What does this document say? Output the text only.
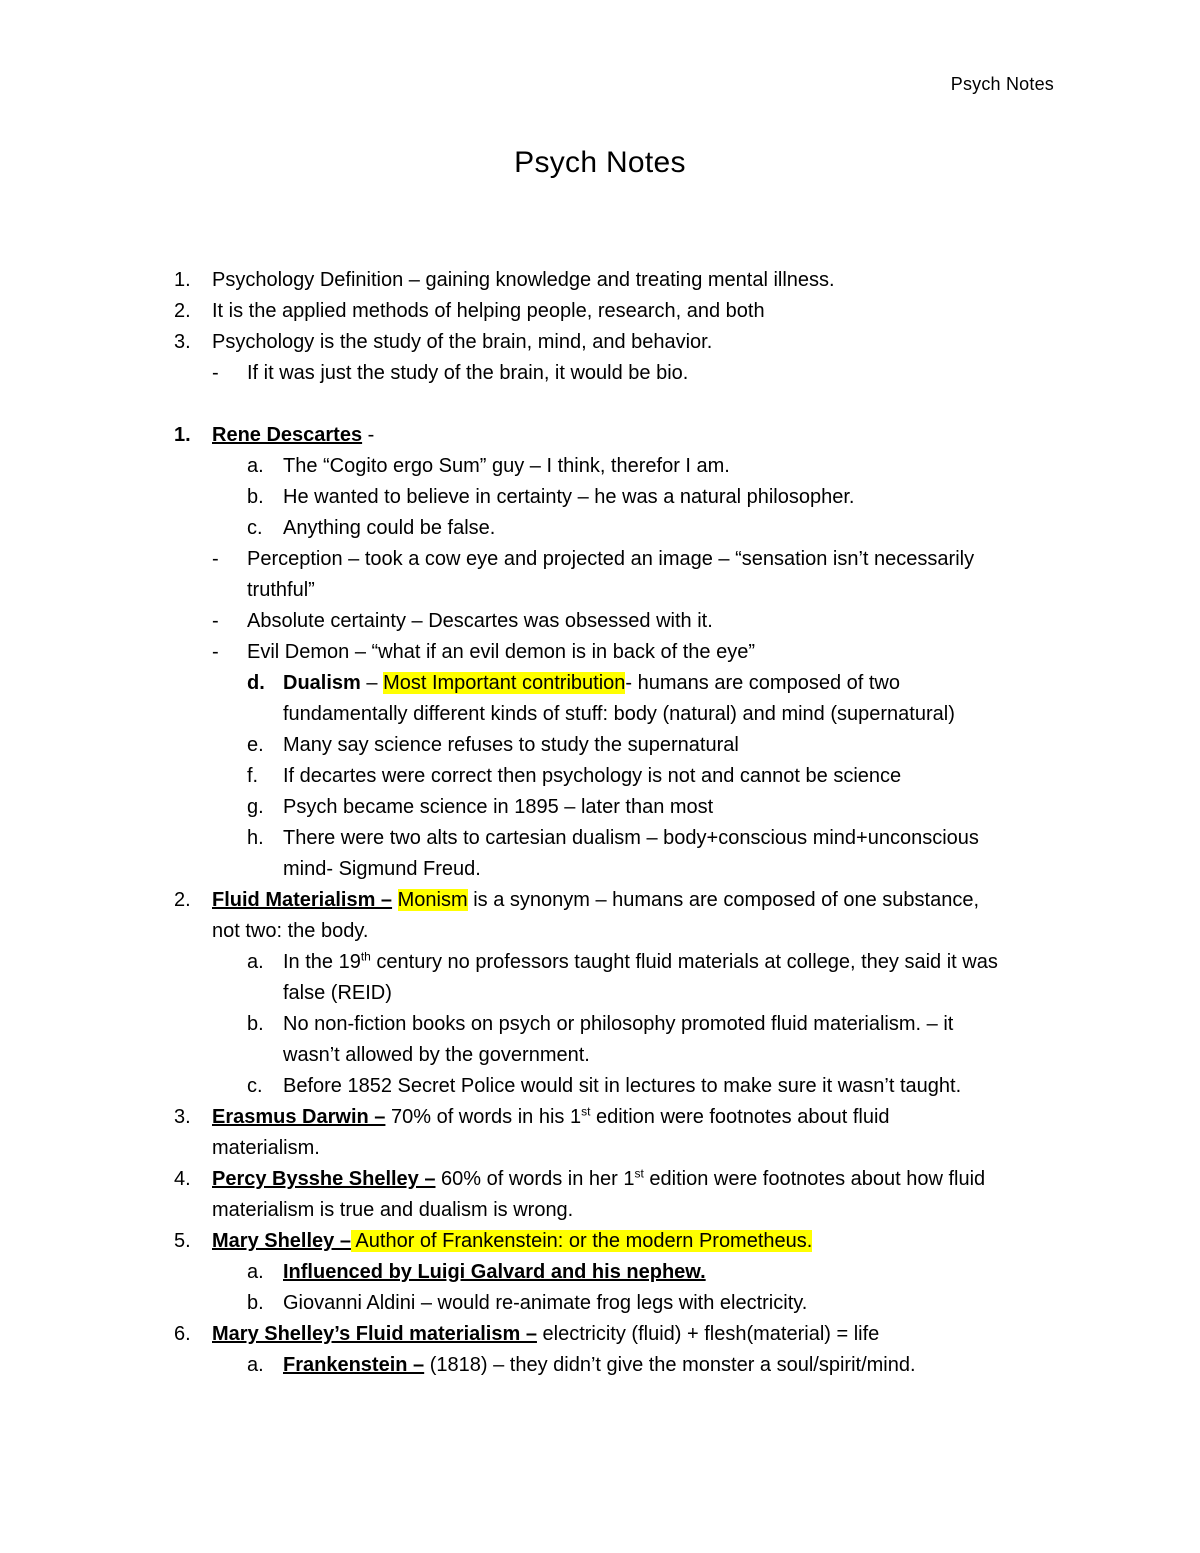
Psych Notes
Psych Notes
1. Psychology Definition – gaining knowledge and treating mental illness.
2. It is the applied methods of helping people, research, and both
3. Psychology is the study of the brain, mind, and behavior.
- If it was just the study of the brain, it would be bio.
1. Rene Descartes -
a. The “Cogito ergo Sum” guy – I think, therefor I am.
b. He wanted to believe in certainty – he was a natural philosopher.
c. Anything could be false.
- Perception – took a cow eye and projected an image – “sensation isn’t necessarily
truthful”
- Absolute certainty – Descartes was obsessed with it.
- Evil Demon – “what if an evil demon is in back of the eye”
d. Dualism – Most Important contribution- humans are composed of two
fundamentally different kinds of stuff: body (natural) and mind (supernatural)
e. Many say science refuses to study the supernatural
f. If decartes were correct then psychology is not and cannot be science
g. Psych became science in 1895 – later than most
h. There were two alts to cartesian dualism – body+conscious mind+unconscious
mind- Sigmund Freud.
2. Fluid Materialism – Monism is a synonym – humans are composed of one substance,
not two: the body.
a. In the 19th century no professors taught fluid materials at college, they said it was
false (REID)
b. No non-fiction books on psych or philosophy promoted fluid materialism. – it
wasn’t allowed by the government.
c. Before 1852 Secret Police would sit in lectures to make sure it wasn’t taught.
3. Erasmus Darwin – 70% of words in his 1st edition were footnotes about fluid
materialism.
4. Percy Bysshe Shelley – 60% of words in her 1st edition were footnotes about how fluid
materialism is true and dualism is wrong.
5. Mary Shelley – Author of Frankenstein: or the modern Prometheus.
a. Influenced by Luigi Galvard and his nephew.
b. Giovanni Aldini – would re-animate frog legs with electricity.
6. Mary Shelley’s Fluid materialism – electricity (fluid) + flesh(material) = life
a. Frankenstein – (1818) – they didn’t give the monster a soul/spirit/mind.
